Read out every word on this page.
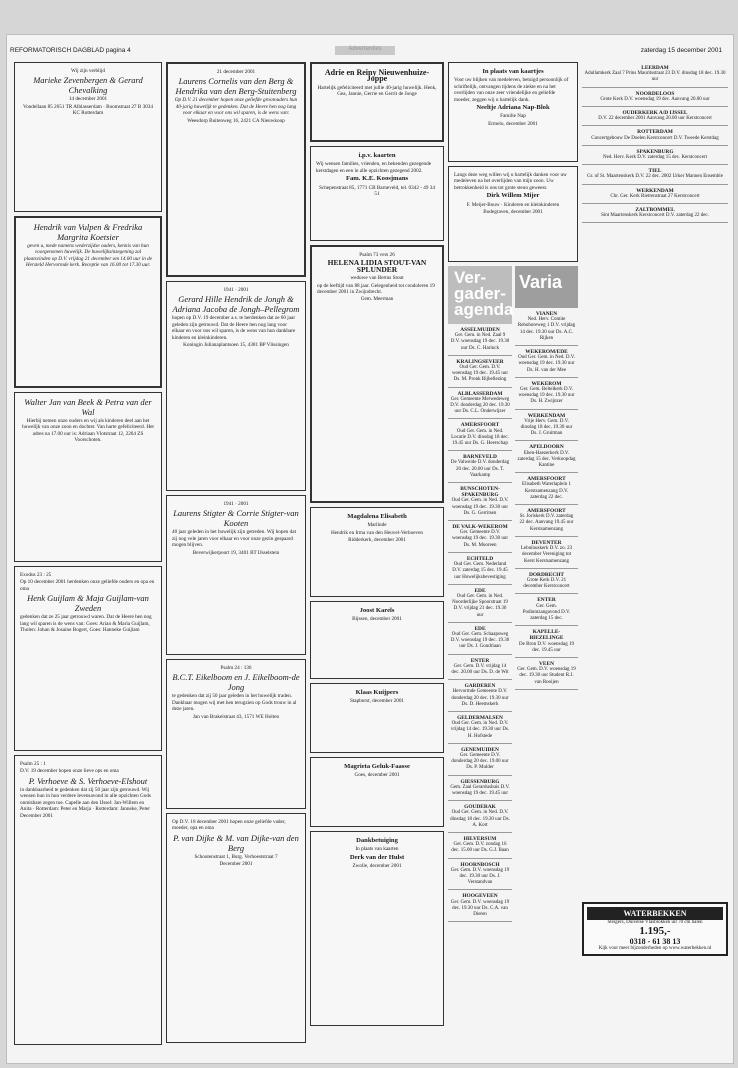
REFORMATORISCH DAGBLAD pagina 4	Advertenties	zaterdag 15 december 2001

Wij zijn verblijd

Marieke Zevenbergen & Gerard Chevalking

14 december 2001

Vondellaan 85 2651 TR Alblasserdam · Boomstraat 27 B 3034 KC Rotterdam

Hendrik van Vulpen & Fredrika Margrita Koetsier

geven u, mede namens wederzijdse ouders, kennis van hun voorgenomen huwelijk. De huwelijksinzegening zal plaatsvinden op D.V. vrijdag 21 december om 14.00 uur in de Hersteld Hervormde kerk. Receptie van 16.00 tot 17.30 uur.

Walter Jan van Beek & Petra van der Wal

Hierbij nemen onze ouders en wij als kinderen deel aan het huwelijk van onze zoon en dochter. Van harte gefeliciteerd. Het adres na 17.00 uur is: Adriaan Vlotstraat 12, 2264 ZS Voorschoten.

Exodus 23 : 25

Op 10 december 2001 herdenken onze geliefde ouders en opa en oma

Henk Guijlam & Maja Guijlam-van Zweden

gedenken dat ze 25 jaar getrouwd waren. Dat de Heere hen nog lang wil sparen is de wens van: Goes: Arian & Maria Guijlam, Tholen: Johan & Josaine Bogert, Goes: Hanneke Guijlam

Psalm 25 : 1

D.V. 19 december hopen onze lieve ops en oma

P. Verhoeve & S. Verhoeve-Elshout

in dankbaarheid te gedenken dat zij 50 jaar zijn getrouwd. Wij wensen hun in hun verdere levensavond in alle opzichten Gods onmisbare zegen toe. Capelle aan den IJssel: Jan-Willem en Anita · Rotterdam: Peter en Marja · Rotterdam: Janneke, Peter

December 2001

21 december 2001

Laurens Cornelis van den Berg & Hendrika van den Berg-Stuitenberg

Op D.V. 21 december hopen onze geliefde grootouders hun 40-jarig huwelijk te gedenken. Dat de Heere hen nog lang voor elkaar en voor ons wil sparen, is de wens van:

Weesdorp Buitenweg 16, 2421 CA Nieuwkoop

1941 · 2001

Gerard Hille Hendrik de Jongh & Adriana Jacoba de Jongh–Pellegrom

hopen op D.V. 19 december a.s. te herdenken dat ze 60 jaar geleden zijn getrouwd. Dat de Heere hen nog lang voor elkaar en voor ons wil sparen, is de wens van hun dankbare kinderen en kleinkinderen.

Koningin Julianaplantsoen 15, 4381 BP Vlissingen

1941 · 2001

Laurens Stigter & Corrie Stigter-van Kooten

40 jaar geleden in het huwelijk zijn getreden. Wij hopen dat zij nog vele jaren voor elkaar en voor onze gezin gespaard mogen blijven.

Beverwijkerpoort 19, 3401 BT IJsselstein

Psalm 24 : 136

B.C.T. Eikelboom en J. Eikelboom-de Jong

te gedenken dat zij 50 jaar geleden in het huwelijk traden. Dankbaar mogen wij met hen terugzien op Gods trouw in al deze jaren.

Jan van Brakelstraat 43, 1571 WE Holten

Op D.V. 18 december 2001 hopen onze geliefde vader, moeder, opa en oma

P. van Dijke & M. van Dijke-van den Berg

Schoutenstraat 1, Burg. Verhoeststraat 7

December 2001

Adrie en Reiny Nieuwenhuize-Joppe

Hartelijk gefeliciteerd met jullie 40-jarig huwelijk. Henk, Gea, Jannie, Gerrie en Gerrit de Jonge

i.p.v. kaarten

Wij wensen families, vrienden, en bekenden gezegende kerstdagen en een in alle opzichten gezegend 2002.

Fam. K.E. Koosjmans

Schepenstraat 85, 1771 CB Barneveld, tel. 0342 - 49 34 51

Psalm 73 vers 26

HELENA LIDIA STOUT-VAN SPLUNDER

weduwe van Bertus Stout

op de leeftijd van 88 jaar. Gelegenheid tot condoleren 19 december 2001 in Zwijndrecht.

Gem. Meerman

Magdalena Elisabeth

Marlinde

Hendrik en Irma van den Heuvel-Verhoeven

Ridderkerk, december 2001

Joost Karels

Bijssen, december 2001

Klaas Kuijpers

Stapborst, december 2001

Magrieta Geluk-Faasse

Goes, december 2001

Dankbetuiging

In plaats van kaarten

Derk van der Hulst

Zwolle, december 2001

In plaats van kaartjes

Voor uw blijken van medeleven, betuigd persoonlijk of schriftelijk, ontvangen tijdens de ziekte en na het overlijden van onze zeer vriendelijke en geliefde moeder, zeggen wij u hartelijk dank.

Neeltje Adriana Nap-Blok

Familie Nap

Ermelo, december 2001

Langs deze weg willen wij u hartelijk danken voor uw medeleven na het overlijden van mijn zoon. Uw betrokkenheid is ons tot grote steun geweest.

Dirk Willem Mijer

F. Meijer-Bouw · Kinderen en kleinkinderen

Bodegraven, december 2001

Ver-gader-agenda
ASSELMUIDEN
Ger. Gem. in Ned. Zaal 9 D.V. woensdag 19 dec. 19.30 uur Ds. C. Harinck
KRALINGSEVEER
Oud Ger. Gem. D.V. woensdag 19 dec. 19.45 uur Ds. M. Pronk Bijbellezing
ALBLASSERDAM
Ger. Gemeente Merwedeweg D.V. donderdag 20 dec. 19.30 uur Ds. C.L. Onderwijzer
AMERSFOORT
Oud Ger. Gem. in Ned. Locatie D.V. dinsdag 18 dec. 19.45 uur Ds. G. Heerschap
BARNEVELD
De Valweide D.V. donderdag 20 dec. 20.00 uur Ds. T. Vaarkamp
BUNSCHOTEN-SPAKENBURG
Oud Ger. Gem. in Ned. D.V. woensdag 19 dec. 19.30 uur Ds. G. Gerritsen
DE VALK-WEKEROM
Ger. Gemeente D.V. woensdag 19 dec. 19.30 uur Ds. M. Mooreen
ECHTELD
Oud Ger. Gem. Nederland D.V. zaterdag 15 dec. 19.45 uur Huwelijksbevestiging
EDE
Oud Ger. Gem. in Ned. Noorderlijke Spoorstraat 19 D.V. vrijdag 21 dec. 19.30 uur
EDE
Oud Ger. Gem. Schaapsweg D.V. woensdag 19 dec. 19.30 uur Ds. J. Goudriaan
ENTER
Ger. Gem. D.V. vrijdag 14 dec. 20.00 uur Ds. D. de Wit
GARDEREN
Hervormde Gemeente D.V. donderdag 20 dec. 19.30 uur Ds. D. Heemskerk
GELDERMALSEN
Oud Ger. Gem. in Ned. D.V. vrijdag 14 dec. 19.30 uur Ds. H. Hofstede
GENEMUIDEN
Ger. Gemeente D.V. donderdag 20 dec. 19.00 uur Ds. P. Mulder
GIESSENBURG
Gem. Zaal Gerardushuis D.V. woensdag 19 dec. 19.45 uur
GOUDERAK
Oud Ger. Gem. in Ned. D.V. dinsdag 18 dec. 19.30 uur Ds. A. Kort
HILVERSUM
Ger. Gem. D.V. zondag 16 dec. 15.00 uur Ds. G.J. Baan
HOORNBOSCH
Ger. Gem. D.V. woensdag 19 dec. 19.30 uur Ds. J. Verstandvan
HOOGEVEEN
Ger. Gem. D.V. woensdag 19 dec. 19.30 uur Ds. C.A. van Dieren
Varia
VIANEN
Ned. Herv. Comite Rehoboreweg 1 D.V. vrijdag 14 dec. 19.30 uur Ds. A.C. Rijken
WEKEROM/EDE
Oud Ger. Gem. in Ned. D.V. woensdag 19 dec. 19.30 uur Ds. H. van der Mee
WEKEROM
Ger. Gem. Beltelkerk D.V. woensdag 19 dec. 19.30 uur Ds. H. Zwijnzer
WERKENDAM
Vrije Herv. Gem. D.V. dinsdag 18 dec. 19.30 uur Ds. J. Gruitman
APELDOORN
Eben-Haezerkerk D.V. zaterdag 15 dec. Verkoopdag Kantine
AMERSFOORT
Elisabeth Waterlaplein 1 Kerstsamenzang D.V. zaterdag 22 dec.
AMERSFOORT
St. Joriskerk D.V. zaterdag 22 dec. Aanvang 19.45 uur Kerstsamenzang
DEVENTER
Lebuïnuskerk D.V. zo. 23 december Vereniging tot Kerst Kerstsamenzang
DORDRECHT
Grote Kerk D.V. 21 december Kerstconcert
ENTER
Ger. Gem. Podiumzangavond D.V. zaterdag 15 dec.
KAPELLE-BIEZELINGE
De Bron D.V. woensdag 19 dec. 19.45 uur
VEEN
Ger. Gem. D.V. woensdag 19 dec. 19.30 uur Student R.J. van Rooijen
LEERDAM
Adullamkerk Zaal 7 Prins Mauritsstraat 23 D.V. dinsdag 18 dec. 19.30 uur
NOORDELOOS
Grote Kerk D.V. woensdag 19 dec. Aanvang 20.00 uur
OUDERKERK A/D IJSSEL
D.V. 22 december 2001 Aanvang 20.00 uur Kerstconcert
ROTTERDAM
Concertgebouw De Doelen Kerstconcert D.V. Tweede Kerstdag
SPAKENBURG
Ned. Herv. Kerk D.V. zaterdag 15 dec. Kerstconcert
TIEL
Gr. of St. Maartenskerk D.V. 22 dec. 2002 Urker Mannen Ensemble
WERKENDAM
Chr. Ger. Kerk Rietrenstraat 27 Kerstconcert
ZALTBOMMEL
Sint Maartenskerk Kerstconcert D.V. zaterdag 22 dec.
WATERBEKKEN

Steigers, Duivelse Vlasblokken uit 70 cm balen

1.195,-
0318 - 61 38 13

Kijk voor meer bijzonderheden op www.waterbekken.nl
